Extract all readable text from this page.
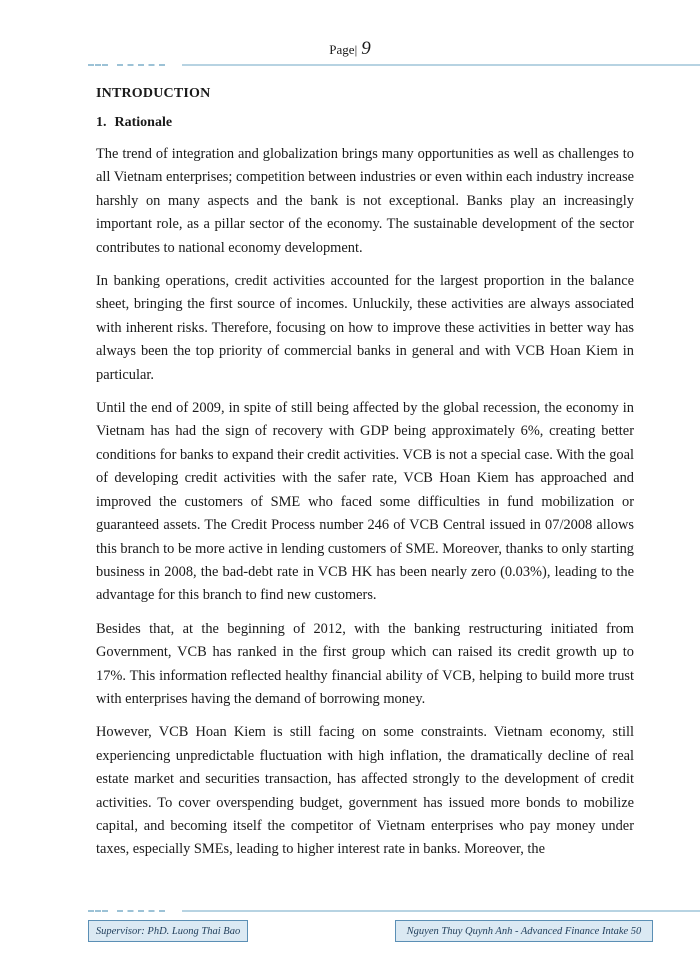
Page| 9
INTRODUCTION
1. Rationale

The trend of integration and globalization brings many opportunities as well as challenges to all Vietnam enterprises; competition between industries or even within each industry increase harshly on many aspects and the bank is not exceptional. Banks play an increasingly important role, as a pillar sector of the economy. The sustainable development of the sector contributes to national economy development.

In banking operations, credit activities accounted for the largest proportion in the balance sheet, bringing the first source of incomes. Unluckily, these activities are always associated with inherent risks. Therefore, focusing on how to improve these activities in better way has always been the top priority of commercial banks in general and with VCB Hoan Kiem in particular.

Until the end of 2009, in spite of still being affected by the global recession, the economy in Vietnam has had the sign of recovery with GDP being approximately 6%, creating better conditions for banks to expand their credit activities. VCB is not a special case. With the goal of developing credit activities with the safer rate, VCB Hoan Kiem has approached and improved the customers of SME who faced some difficulties in fund mobilization or guaranteed assets. The Credit Process number 246 of VCB Central issued in 07/2008 allows this branch to be more active in lending customers of SME. Moreover, thanks to only starting business in 2008, the bad-debt rate in VCB HK has been nearly zero (0.03%), leading to the advantage for this branch to find new customers.

Besides that, at the beginning of 2012, with the banking restructuring initiated from Government, VCB has ranked in the first group which can raised its credit growth up to 17%. This information reflected healthy financial ability of VCB, helping to build more trust with enterprises having the demand of borrowing money.

However, VCB Hoan Kiem is still facing on some constraints. Vietnam economy, still experiencing unpredictable fluctuation with high inflation, the dramatically decline of real estate market and securities transaction, has affected strongly to the development of credit activities. To cover overspending budget, government has issued more bonds to mobilize capital, and becoming itself the competitor of Vietnam enterprises who pay money under taxes, especially SMEs, leading to higher interest rate in banks. Moreover, the

Supervisor: PhD. Luong Thai Bao	Nguyen Thuy Quynh Anh - Advanced Finance Intake 50
